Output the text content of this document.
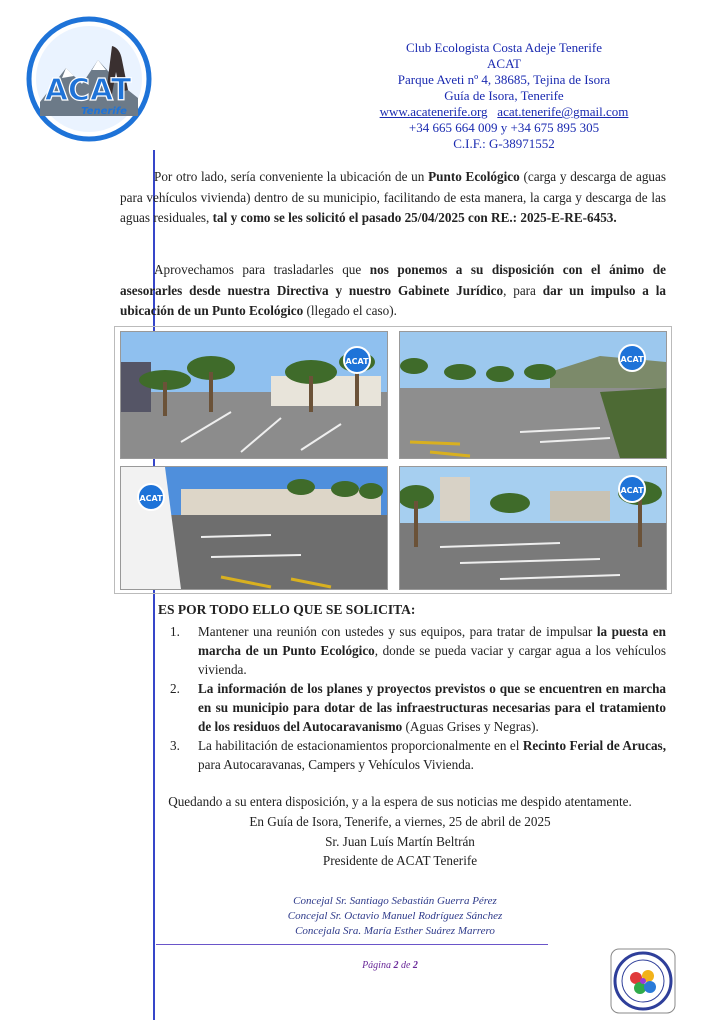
ACAT
Tenerife
Club Ecologista Costa Adeje Tenerife
ACAT
Parque Aveti nº 4, 38685, Tejina de Isora
Guía de Isora, Tenerife
www.acatenerife.org acat.tenerife@gmail.com
+34 665 664 009 y +34 675 895 305
C.I.F.: G-38971552
Por otro lado, sería conveniente la ubicación de un Punto Ecológico (carga y descarga de aguas para vehículos vivienda) dentro de su municipio, facilitando de esta manera, la carga y descarga de las aguas residuales, tal y como se les solicitó el pasado 25/04/2025 con RE.: 2025-E-RE-6453.
Aprovechamos para trasladarles que nos ponemos a su disposición con el ánimo de asesorarles desde nuestra Directiva y nuestro Gabinete Jurídico, para dar un impulso a la ubicación de un Punto Ecológico (llegado el caso).
ACAT	ACAT
ACAT
ACAT
ES POR TODO ELLO QUE SE SOLICITA:
1. Mantener una reunión con ustedes y sus equipos, para tratar de impulsar la puesta en marcha de un Punto Ecológico, donde se pueda vaciar y cargar agua a los vehículos vivienda.
2. La información de los planes y proyectos previstos o que se encuentren en marcha en su municipio para dotar de las infraestructuras necesarias para el tratamiento de los residuos del Autocaravanismo (Aguas Grises y Negras).
3. La habilitación de estacionamientos proporcionalmente en el Recinto Ferial de Arucas, para Autocaravanas, Campers y Vehículos Vivienda.
Quedando a su entera disposición, y a la espera de sus noticias me despido atentamente.
En Guía de Isora, Tenerife, a viernes, 25 de abril de 2025
Sr. Juan Luís Martín Beltrán
Presidente de ACAT Tenerife
Concejal Sr. Santiago Sebastián Guerra Pérez
Concejal Sr. Octavio Manuel Rodríguez Sánchez
Concejala Sra. María Esther Suárez Marrero
Página 2 de 2
